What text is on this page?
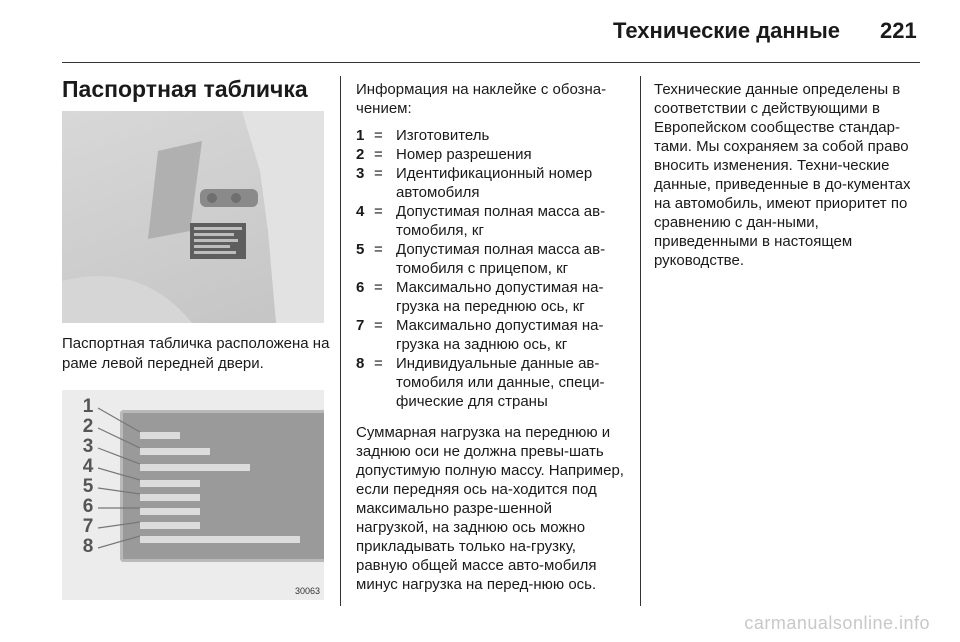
Технические данные 221
Паспортная табличка
Паспортная табличка расположена на раме левой передней двери.
1
2
3
4
5
6
7
8
30063

Информация на наклейке с обозна-чением:

1 = Изготовитель
2 = Номер разрешения
3 = Идентификационный номер автомобиля
4 = Допустимая полная масса ав-томобиля, кг
5 = Допустимая полная масса ав-томобиля с прицепом, кг
6 = Максимально допустимая на-грузка на переднюю ось, кг
7 = Максимально допустимая на-грузка на заднюю ось, кг
8 = Индивидуальные данные ав-томобиля или данные, специ-фические для страны

Суммарная нагрузка на переднюю и заднюю оси не должна превы-шать допустимую полную массу. Например, если передняя ось на-ходится под максимально разре-шенной нагрузкой, на заднюю ось можно прикладывать только на-грузку, равную общей массе авто-мобиля минус нагрузка на перед-нюю ось.

Технические данные определены в соответствии с действующими в Европейском сообществе стандар-тами. Мы сохраняем за собой право вносить изменения. Техни-ческие данные, приведенные в до-кументах на автомобиль, имеют приоритет по сравнению с дан-ными, приведенными в настоящем руководстве.

carmanualsonline.info
